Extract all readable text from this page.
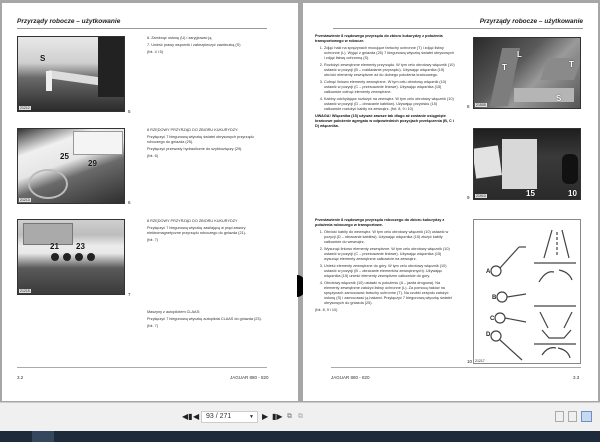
Przyrządy robocze – użytkowanie
S
21212
5

6. Zamknąć osłonę (U) i zaryglować ją.

7. Unieść prawy wspornik i zabezpieczyć zawleczką (S)

(fot. 4 i 5)

25
29
21213	6

8 RZĘDOWY PRZYRZĄD DO ZBIORU KUKURYDZY:

Przyłączyć 7 biegunową wtyczkę świateł obrysowych przyrządu roboczego do gniazda (25).

Przyłączyć przewody hydrauliczne do szybkozłączy (29).

(fot. 6)

21 23
21215
7

8 RZĘDOWY PRZYRZĄD DO ZBIORU KUKURYDZY

Przyłączyć 7 biegunową wtyczkę zasilającą w prąd zawory elektromagnetyczne przyrządu roboczego do gniazda (21).

(fot. 7)

Maszyny z autopilotem CLAAS:

Przyłączyć 7 biegunową wtyczkę autopilota CLAAS do gniazda (23).

(fot. 7)

3.2	JAGUAR 880 - 820
Przyrządy robocze – użytkowanie

Przestawienie 8 rzędowego przyrządu do zbioru kukurydzy z położenia transportowego w robocze.

1. Zdjąć haki na sprężynach mocujące fartuchy ochronne (T) i zdjąć listwy ochronne (L). Wyjąć z gniazda (25) 7 biegunową wtyczkę świateł obrysowych i zdjąć listwę ochronną (S).
2. Rozłożyć zewnętrzne elementy przyrządu. W tym celu obrotowy włącznik (10) ustawić w pozycji (B – rozkładanie przyrządu). Używając włącznika (15) obrócić elementy zewnętrzne aż do dolnego położenia krańcowego.
3. Cofnąć liniowo elementy zewnętrzne. W tym celu obrotowy włącznik (10) ustawić w pozycji (C – przesuwanie liniowe). Używając włącznika (15) całkowicie cofnąć elementy zewnętrzne.
4. Kabiny odchylające rozłożyć na zewnątrz. W tym celu obrotowy włącznik (10) ustawić w pozycji (D – obracanie kabiłów). Używając przycisku (15) całkowicie rozłożyć kabiły na zewnątrz. (fot. 8, 9 i 10)

UWAGA! Włącznika (15) używać zawsze tak długo aż zostanie osiągnięte krańcowe położenie agregatu w odpowiednich pozycjach przełączenia (B, C i D) włącznika.

T	T
L
S
21505
8
15	10
21910
9

Przestawienie 8 rzędowego przyrządu roboczego do zbioru kukurydzy z położenia roboczego w transportowe.

1. Obrócić kabiły do wewnątrz. W tym celu obrotowy włącznik (10) ustawić w pozycji (D – obracanie kabiłów). Używając włącznika (15) złożyć kabiły całkowicie do wewnątrz.
2. Wysunąć liniowo elementy zewnętrzne. W tym celu obrotowy włącznik (10) ustawić w pozycji (C – przesuwanie liniowe). Używając włącznika (15) wysunąć elementy zewnętrzne całkowicie na zewnątrz.
3. Unieść elementy zewnętrzne do góry. W tym celu obrotowy włącznik (10) ustawić w pozycji (B – obracanie elementów zewnętrznych). Używając włącznika (15) unieść elementy zewnętrzne całkowicie do góry.
4. Obrotowy włącznik (10) ustawić w położeniu (A – jazda drogowa). Na elementy zewnętrzne założyć listwy ochronne (L). Za pomocą haków na sprężynach zamocować fartuchy ochronne (T). Na czubki zespołu założyć osłonę (S) i zamocować ją hakami. Przyłączyć 7 biegunową wtyczkę świateł obrysowych do gniazda (25).

(fot. 8, 9 i 10)

A
B
C
D
10 21217
JAGUAR 880 - 820	3.3
◀▮ ◀ 93 / 271	▼ ▶ ▮▶ ⧉ ⧉
